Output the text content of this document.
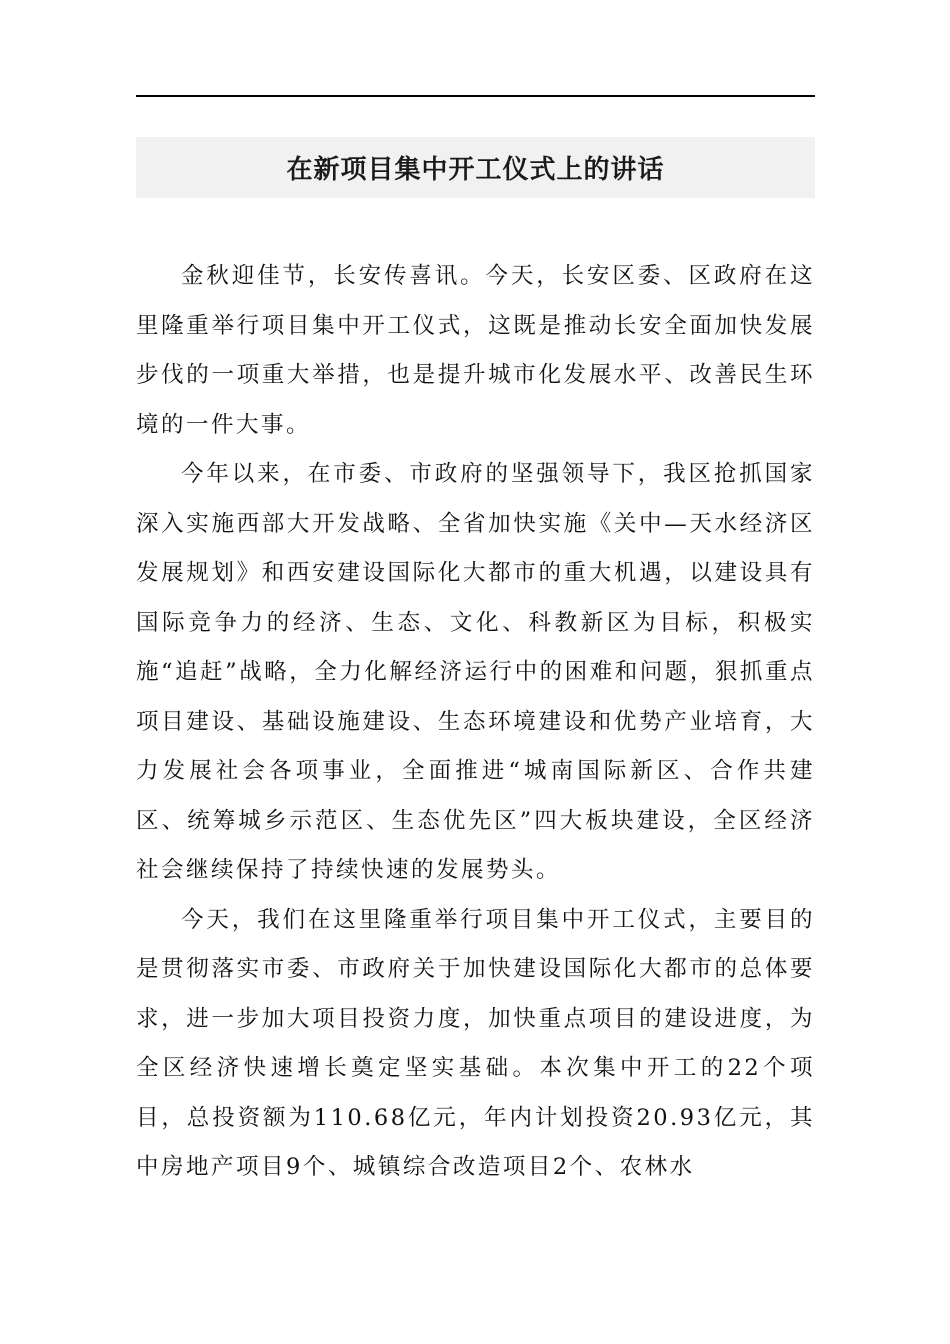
在新项目集中开工仪式上的讲话

金秋迎佳节，长安传喜讯。今天，长安区委、区政府在这里隆重举行项目集中开工仪式，这既是推动长安全面加快发展步伐的一项重大举措，也是提升城市化发展水平、改善民生环境的一件大事。

今年以来，在市委、市政府的坚强领导下，我区抢抓国家深入实施西部大开发战略、全省加快实施《关中—天水经济区发展规划》和西安建设国际化大都市的重大机遇，以建设具有国际竞争力的经济、生态、文化、科教新区为目标，积极实施“追赶”战略，全力化解经济运行中的困难和问题，狠抓重点项目建设、基础设施建设、生态环境建设和优势产业培育，大力发展社会各项事业，全面推进“城南国际新区、合作共建区、统筹城乡示范区、生态优先区”四大板块建设，全区经济社会继续保持了持续快速的发展势头。

今天，我们在这里隆重举行项目集中开工仪式，主要目的是贯彻落实市委、市政府关于加快建设国际化大都市的总体要求，进一步加大项目投资力度，加快重点项目的建设进度，为全区经济快速增长奠定坚实基础。本次集中开工的22个项目，总投资额为110.68亿元，年内计划投资20.93亿元，其中房地产项目9个、城镇综合改造项目2个、农林水
